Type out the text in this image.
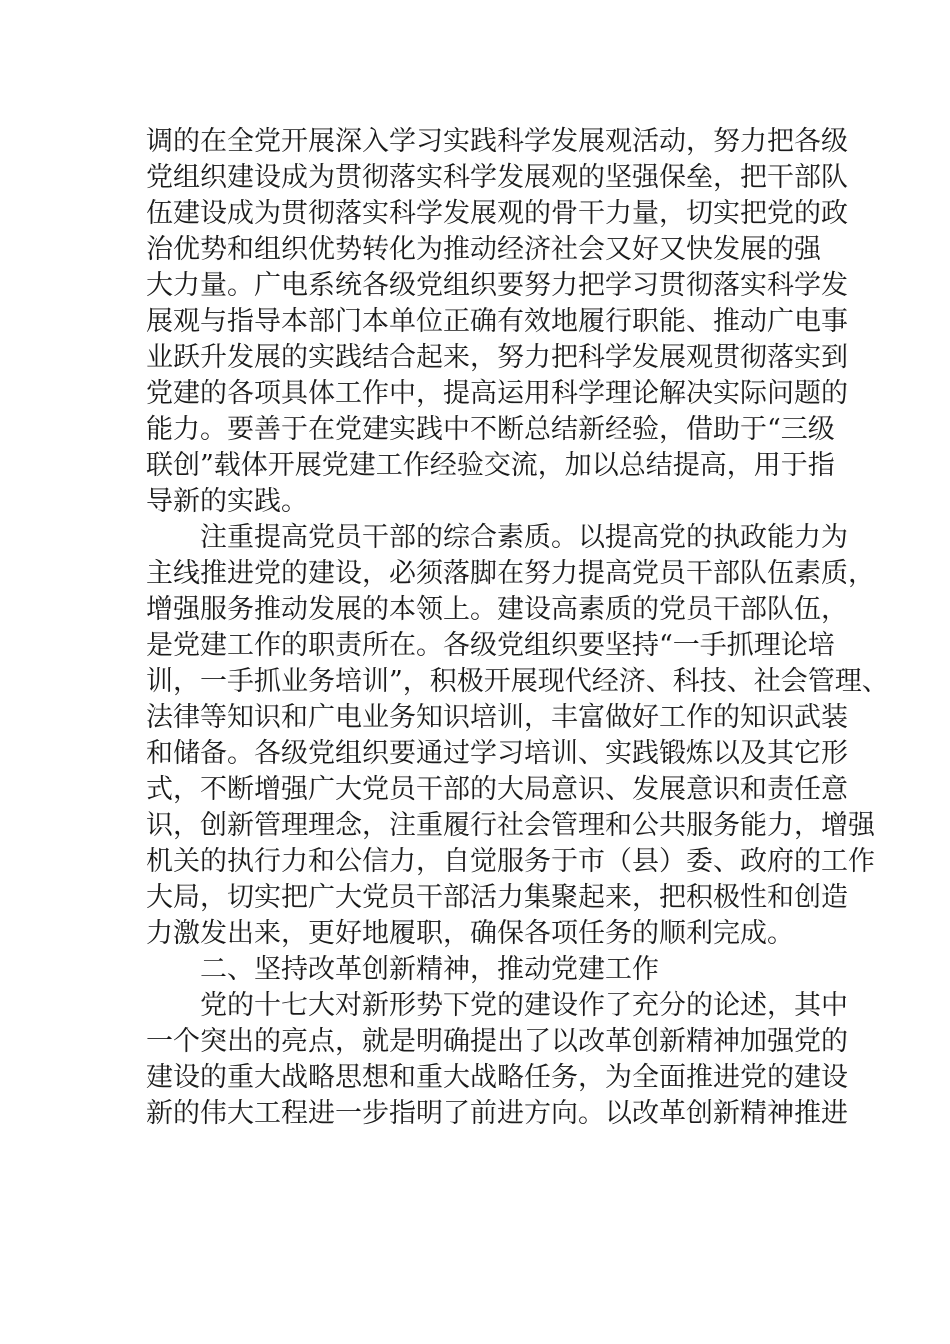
调的在全党开展深入学习实践科学发展观活动，努力把各级
党组织建设成为贯彻落实科学发展观的坚强保垒，把干部队
伍建设成为贯彻落实科学发展观的骨干力量，切实把党的政
治优势和组织优势转化为推动经济社会又好又快发展的强
大力量。广电系统各级党组织要努力把学习贯彻落实科学发
展观与指导本部门本单位正确有效地履行职能、推动广电事
业跃升发展的实践结合起来，努力把科学发展观贯彻落实到
党建的各项具体工作中，提高运用科学理论解决实际问题的
能力。要善于在党建实践中不断总结新经验，借助于“三级
联创”载体开展党建工作经验交流，加以总结提高，用于指
导新的实践。
注重提高党员干部的综合素质。以提高党的执政能力为
主线推进党的建设，必须落脚在努力提高党员干部队伍素质，
增强服务推动发展的本领上。建设高素质的党员干部队伍，
是党建工作的职责所在。各级党组织要坚持“一手抓理论培
训，一手抓业务培训”，积极开展现代经济、科技、社会管理、
法律等知识和广电业务知识培训，丰富做好工作的知识武装
和储备。各级党组织要通过学习培训、实践锻炼以及其它形
式，不断增强广大党员干部的大局意识、发展意识和责任意
识，创新管理理念，注重履行社会管理和公共服务能力，增强
机关的执行力和公信力，自觉服务于市（县）委、政府的工作
大局，切实把广大党员干部活力集聚起来，把积极性和创造
力激发出来，更好地履职，确保各项任务的顺利完成。
二、坚持改革创新精神，推动党建工作
党的十七大对新形势下党的建设作了充分的论述，其中
一个突出的亮点，就是明确提出了以改革创新精神加强党的
建设的重大战略思想和重大战略任务，为全面推进党的建设
新的伟大工程进一步指明了前进方向。以改革创新精神推进
